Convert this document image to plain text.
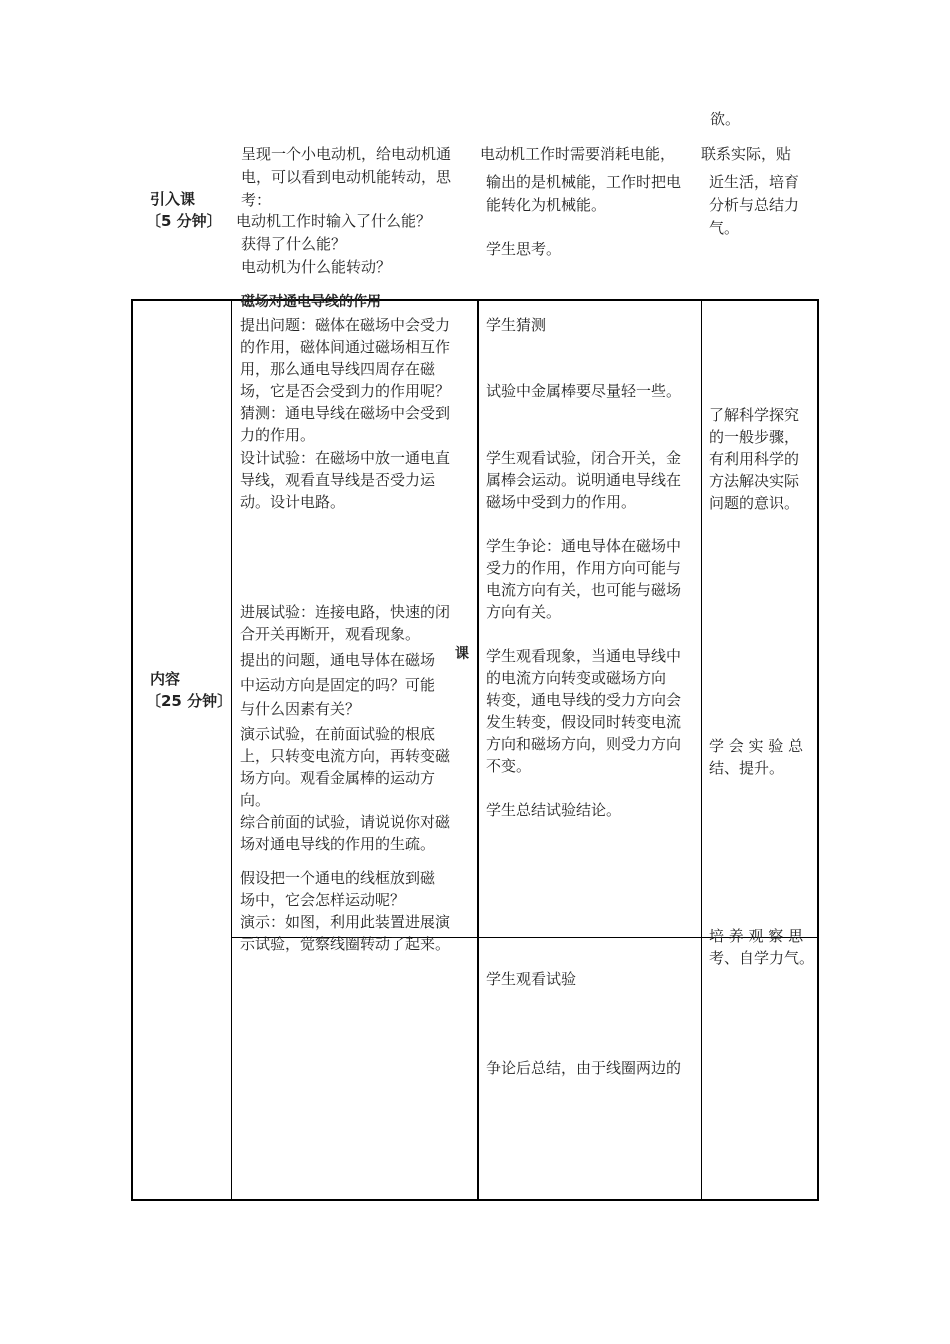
欲。
引入课
〔5 分钟〕
呈现一个小电动机，给电动机通
电，可以看到电动机能转动，思
考：
电动机工作时输入了什么能？
获得了什么能？
电动机为什么能转动？
电动机工作时需要消耗电能，
输出的是机械能，工作时把电
能转化为机械能。
学生思考。
联系实际，贴
近生活，培育
分析与总结力
气。
内容
〔25 分钟〕
磁场对通电导线的作用
课
提出问题：磁体在磁场中会受力
的作用，磁体间通过磁场相互作
用，那么通电导线四周存在磁
场，它是否会受到力的作用呢？
猜测：通电导线在磁场中会受到
力的作用。
设计试验：在磁场中放一通电直
导线，观看直导线是否受力运
动。设计电路。
进展试验：连接电路，快速的闭
合开关再断开，观看现象。
提出的问题，通电导体在磁场
中运动方向是固定的吗？可能
与什么因素有关？
演示试验，在前面试验的根底
上，只转变电流方向，再转变磁
场方向。观看金属棒的运动方
向。
综合前面的试验，请说说你对磁
场对通电导线的作用的生疏。
假设把一个通电的线框放到磁
场中，它会怎样运动呢？
演示：如图，利用此装置进展演
示试验，觉察线圈转动了起来。
学生猜测
试验中金属棒要尽量轻一些。
学生观看试验，闭合开关，金
属棒会运动。说明通电导线在
磁场中受到力的作用。
学生争论：通电导体在磁场中
受力的作用，作用方向可能与
电流方向有关，也可能与磁场
方向有关。
学生观看现象，当通电导线中
的电流方向转变或磁场方向
转变，通电导线的受力方向会
发生转变，假设同时转变电流
方向和磁场方向，则受力方向
不变。
学生总结试验结论。
学生观看试验
争论后总结，由于线圈两边的
了解科学探究
的一般步骤，
有利用科学的
方法解决实际
问题的意识。
学 会 实 验 总
结、提升。
培 养 观 察 思
考、自学力气。
